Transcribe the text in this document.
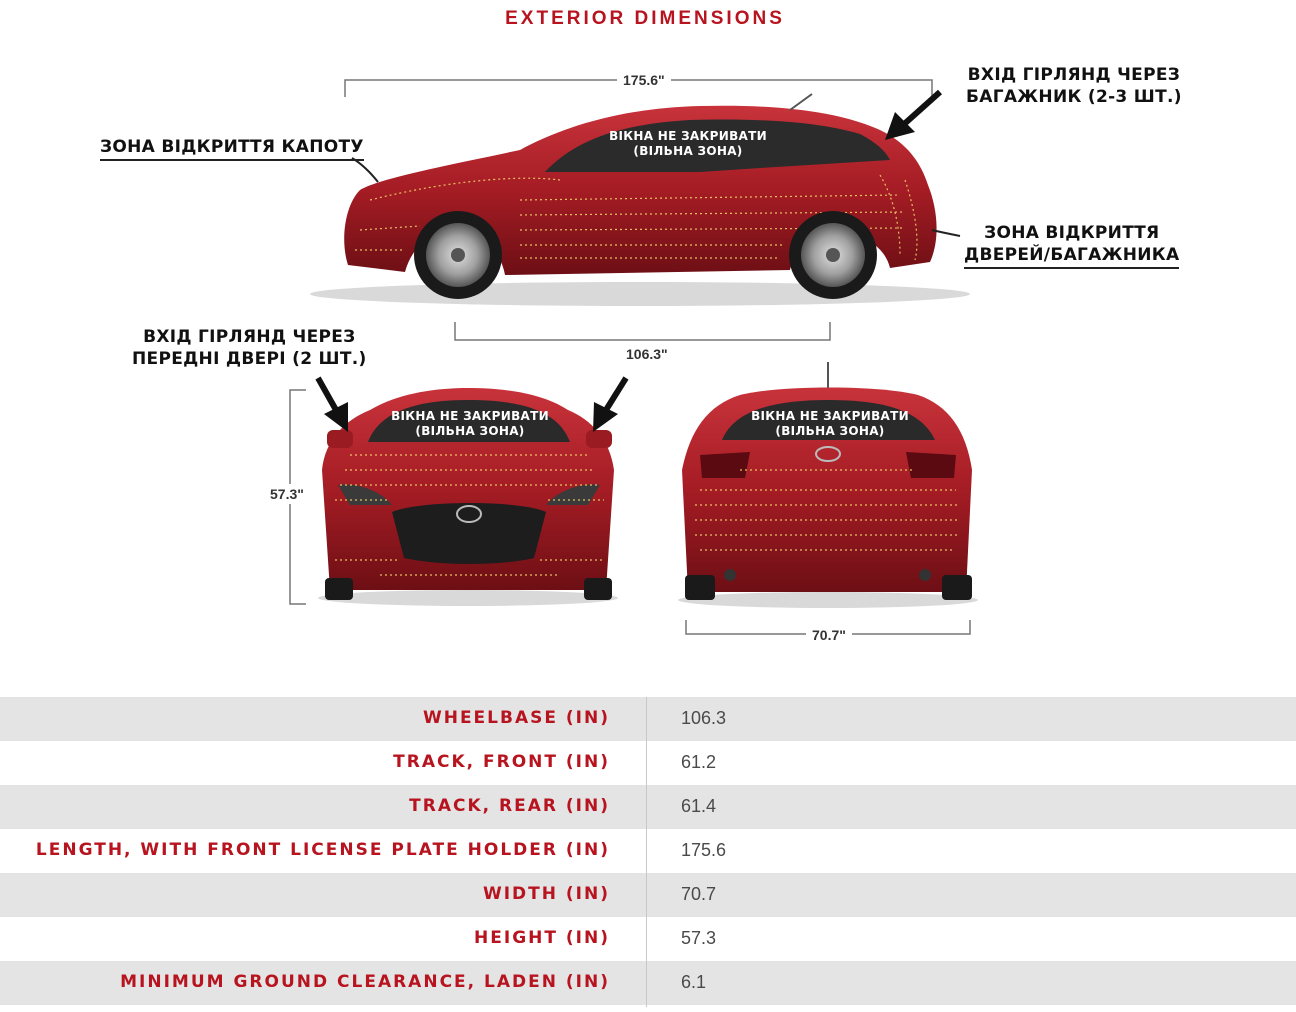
EXTERIOR DIMENSIONS
175.6"
106.3"
57.3"
70.7"
ЗОНА ВІДКРИТТЯ КАПОТУ
ВХІД ГІРЛЯНД ЧЕРЕЗ
БАГАЖНИК (2-3 ШТ.)
ЗОНА ВІДКРИТТЯ
ДВЕРЕЙ/БАГАЖНИКА
ВХІД ГІРЛЯНД ЧЕРЕЗ
ПЕРЕДНІ ДВЕРІ (2 ШТ.)
ВІКНА НЕ ЗАКРИВАТИ
(ВІЛЬНА ЗОНА)
ВІКНА НЕ ЗАКРИВАТИ
(ВІЛЬНА ЗОНА)
ВІКНА НЕ ЗАКРИВАТИ
(ВІЛЬНА ЗОНА)
WHEELBASE (IN)	106.3
TRACK, FRONT (IN)	61.2
TRACK, REAR (IN)	61.4
LENGTH, WITH FRONT LICENSE PLATE HOLDER (IN)	175.6
WIDTH (IN)	70.7
HEIGHT (IN)	57.3
MINIMUM GROUND CLEARANCE, LADEN (IN)	6.1
